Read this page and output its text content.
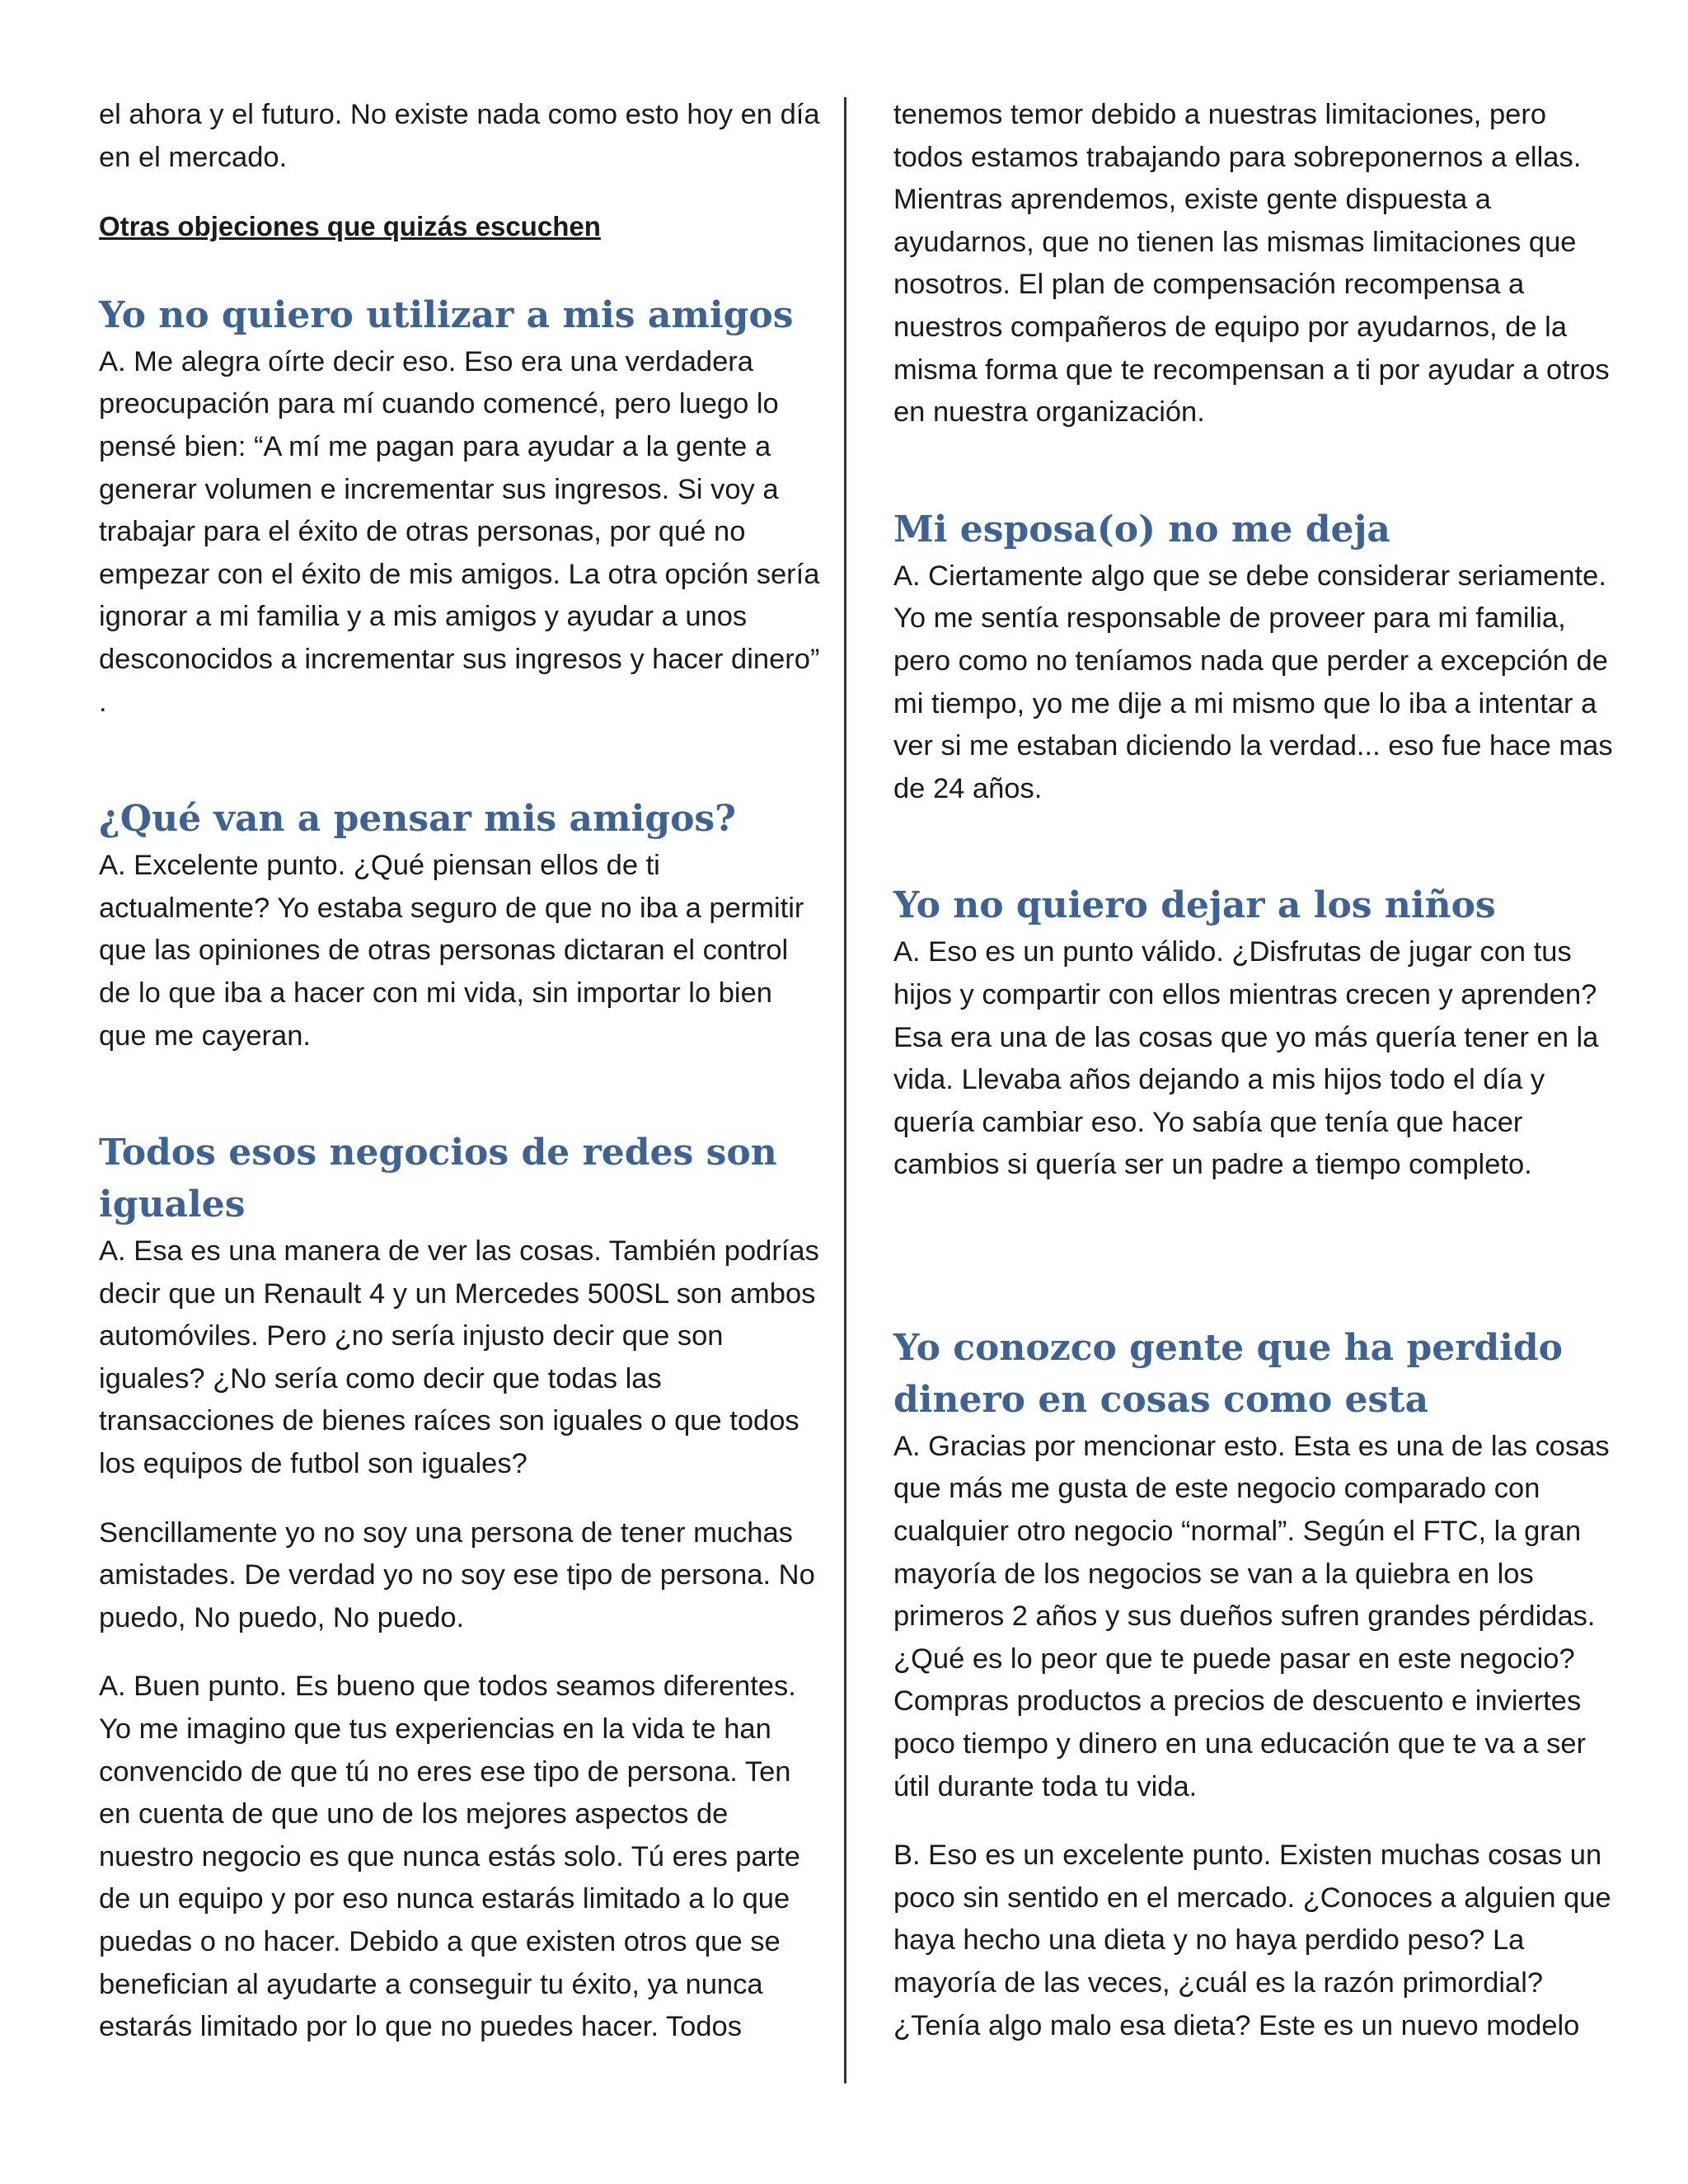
el ahora y el futuro. No existe nada como esto hoy en día en el mercado.

Otras objeciones que quizás escuchen

Yo no quiero utilizar a mis amigos

A. Me alegra oírte decir eso. Eso era una verdadera preocupación para mí cuando comencé, pero luego lo pensé bien: “A mí me pagan para ayudar a la gente a generar volumen e incrementar sus ingresos. Si voy a trabajar para el éxito de otras personas, por qué no empezar con el éxito de mis amigos. La otra opción sería ignorar a mi familia y a mis amigos y ayudar a unos desconocidos a incrementar sus ingresos y hacer dinero” .

¿Qué van a pensar mis amigos?

A. Excelente punto. ¿Qué piensan ellos de ti actualmente? Yo estaba seguro de que no iba a permitir que las opiniones de otras personas dictaran el control de lo que iba a hacer con mi vida, sin importar lo bien que me cayeran.

Todos esos negocios de redes son iguales

A. Esa es una manera de ver las cosas. También podrías decir que un Renault 4 y un Mercedes 500SL son ambos automóviles. Pero ¿no sería injusto decir que son iguales? ¿No sería como decir que todas las transacciones de bienes raíces son iguales o que todos los equipos de futbol son iguales?

Sencillamente yo no soy una persona de tener muchas amistades. De verdad yo no soy ese tipo de persona. No puedo, No puedo, No puedo.

A. Buen punto. Es bueno que todos seamos diferentes. Yo me imagino que tus experiencias en la vida te han convencido de que tú no eres ese tipo de persona. Ten en cuenta de que uno de los mejores aspectos de nuestro negocio es que nunca estás solo. Tú eres parte de un equipo y por eso nunca estarás limitado a lo que puedas o no hacer. Debido a que existen otros que se benefician al ayudarte a conseguir tu éxito, ya nunca estarás limitado por lo que no puedes hacer. Todos

tenemos temor debido a nuestras limitaciones, pero todos estamos trabajando para sobreponernos a ellas. Mientras aprendemos, existe gente dispuesta a ayudarnos, que no tienen las mismas limitaciones que nosotros. El plan de compensación recompensa a nuestros compañeros de equipo por ayudarnos, de la misma forma que te recompensan a ti por ayudar a otros en nuestra organización.

Mi esposa(o) no me deja

A. Ciertamente algo que se debe considerar seriamente. Yo me sentía responsable de proveer para mi familia, pero como no teníamos nada que perder a excepción de mi tiempo, yo me dije a mi mismo que lo iba a intentar a ver si me estaban diciendo la verdad... eso fue hace mas de 24 años.

Yo no quiero dejar a los niños

A. Eso es un punto válido. ¿Disfrutas de jugar con tus hijos y compartir con ellos mientras crecen y aprenden? Esa era una de las cosas que yo más quería tener en la vida. Llevaba años dejando a mis hijos todo el día y quería cambiar eso. Yo sabía que tenía que hacer cambios si quería ser un padre a tiempo completo.

Yo conozco gente que ha perdido dinero en cosas como esta

A. Gracias por mencionar esto. Esta es una de las cosas que más me gusta de este negocio comparado con cualquier otro negocio “normal”. Según el FTC, la gran mayoría de los negocios se van a la quiebra en los primeros 2 años y sus dueños sufren grandes pérdidas. ¿Qué es lo peor que te puede pasar en este negocio? Compras productos a precios de descuento e inviertes poco tiempo y dinero en una educación que te va a ser útil durante toda tu vida.

B. Eso es un excelente punto. Existen muchas cosas un poco sin sentido en el mercado. ¿Conoces a alguien que haya hecho una dieta y no haya perdido peso? La mayoría de las veces, ¿cuál es la razón primordial? ¿Tenía algo malo esa dieta? Este es un nuevo modelo
